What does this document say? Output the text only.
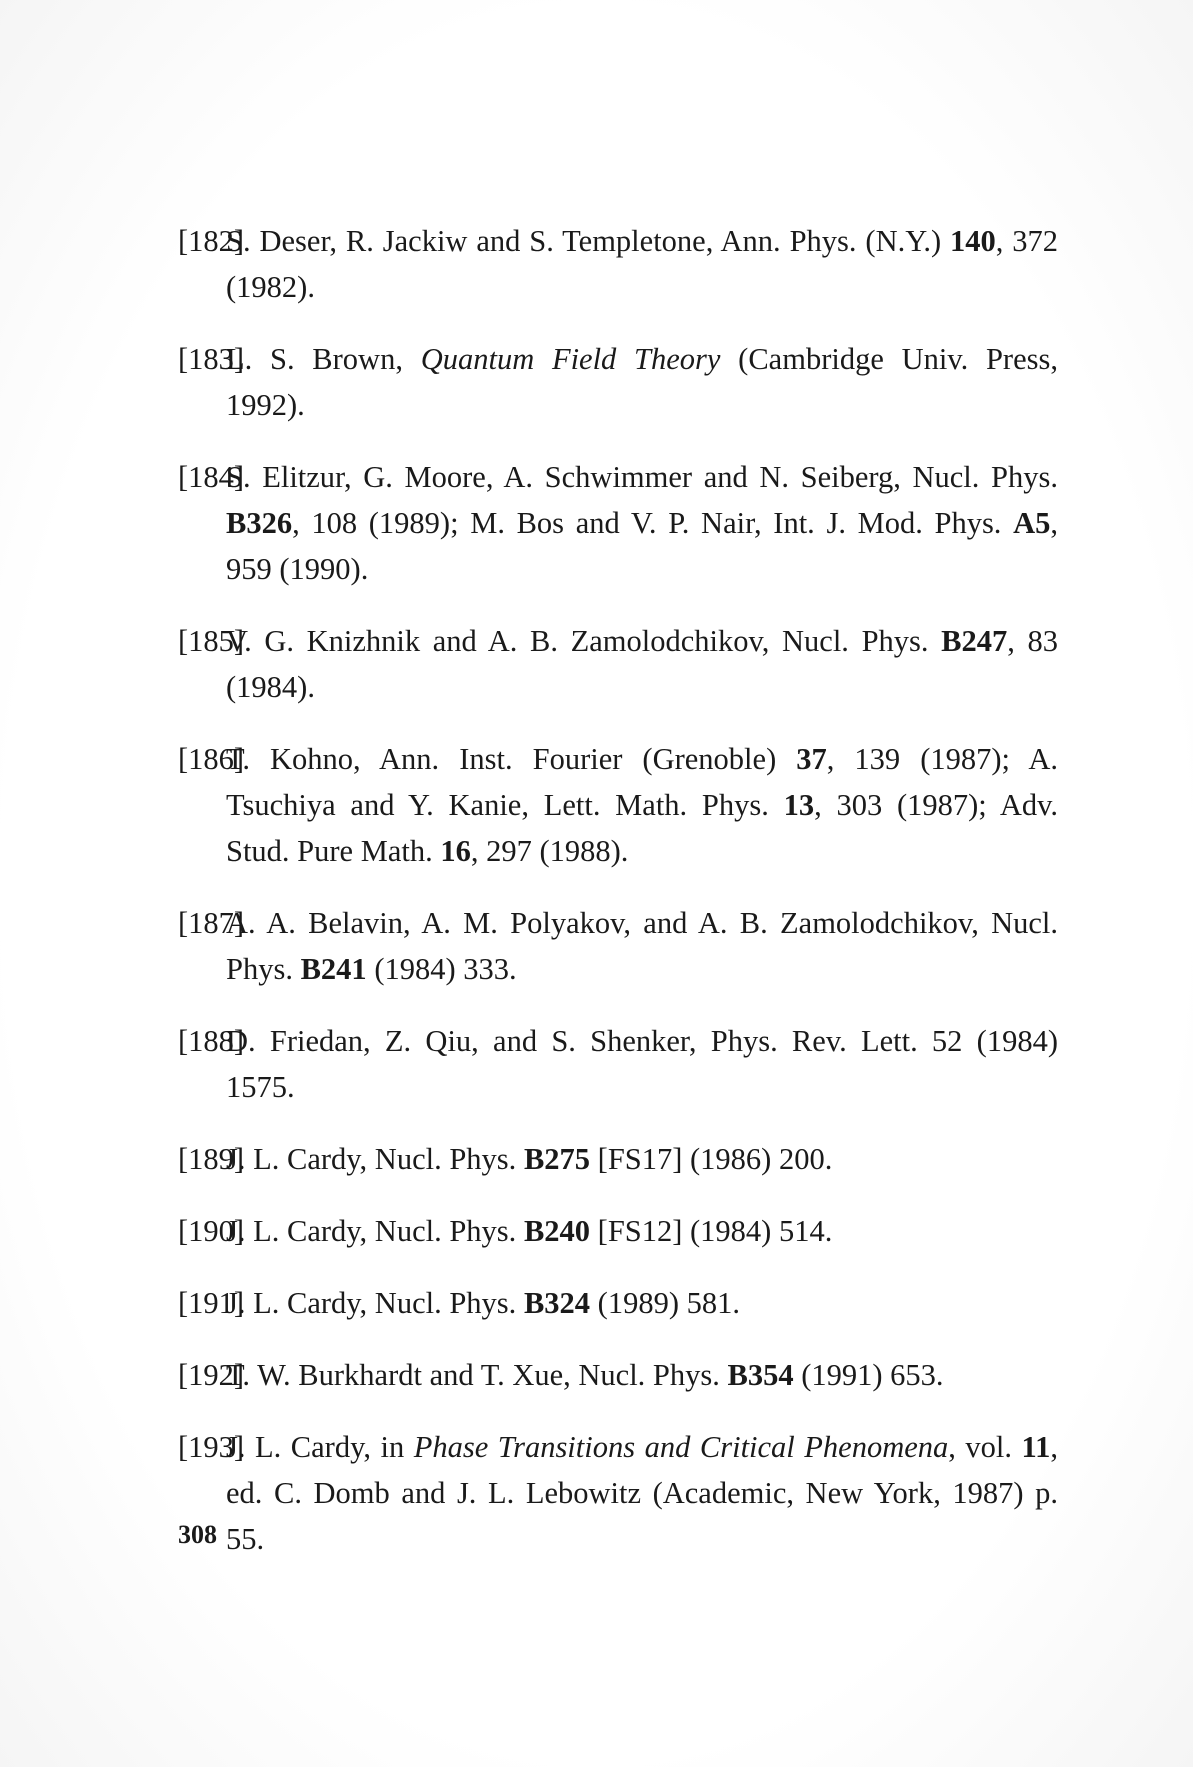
[182]
S. Deser, R. Jackiw and S. Templetone, Ann. Phys. (N.Y.) 140, 372 (1982).
[183]
L. S. Brown, Quantum Field Theory (Cambridge Univ. Press, 1992).
[184]
S. Elitzur, G. Moore, A. Schwimmer and N. Seiberg, Nucl. Phys. B326, 108 (1989); M. Bos and V. P. Nair, Int. J. Mod. Phys. A5, 959 (1990).
[185]
V. G. Knizhnik and A. B. Zamolodchikov, Nucl. Phys. B247, 83 (1984).
[186]
T. Kohno, Ann. Inst. Fourier (Grenoble) 37, 139 (1987); A. Tsuchiya and Y. Kanie, Lett. Math. Phys. 13, 303 (1987); Adv. Stud. Pure Math. 16, 297 (1988).
[187]
A. A. Belavin, A. M. Polyakov, and A. B. Zamolodchikov, Nucl. Phys. B241 (1984) 333.
[188]
D. Friedan, Z. Qiu, and S. Shenker, Phys. Rev. Lett. 52 (1984) 1575.
[189]
J. L. Cardy, Nucl. Phys. B275 [FS17] (1986) 200.
[190]
J. L. Cardy, Nucl. Phys. B240 [FS12] (1984) 514.
[191]
J. L. Cardy, Nucl. Phys. B324 (1989) 581.
[192]
T. W. Burkhardt and T. Xue, Nucl. Phys. B354 (1991) 653.
[193]
J. L. Cardy, in Phase Transitions and Critical Phenomena, vol. 11, ed. C. Domb and J. L. Lebowitz (Academic, New York, 1987) p. 55.
308
